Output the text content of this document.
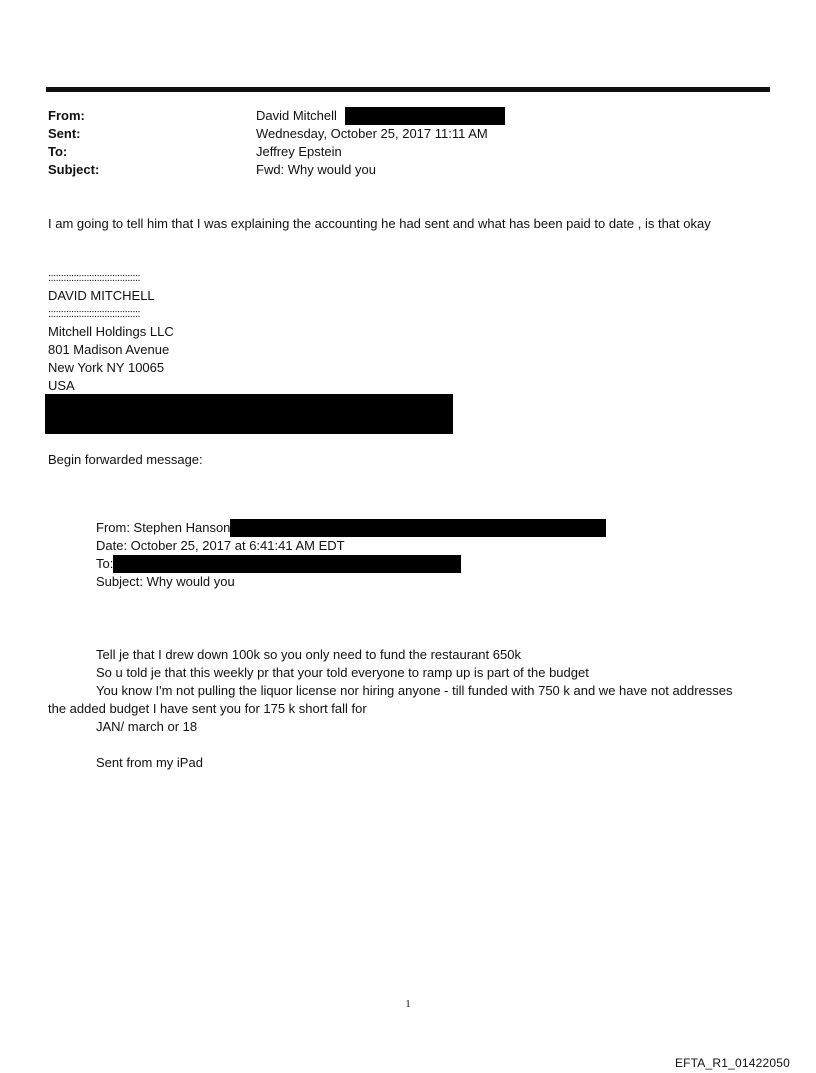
From:	David Mitchell
Sent:	Wednesday, October 25, 2017 11:11 AM
To:	Jeffrey Epstein
Subject:	Fwd: Why would you
I am going to tell him that I was explaining the accounting he had sent and what has been paid to date , is that okay
::::::::::::::::::::::::::::::::::::
DAVID MITCHELL
::::::::::::::::::::::::::::::::::::
Mitchell Holdings LLC
801 Madison Avenue
New York NY 10065
USA
Begin forwarded message:
From: Stephen Hanson
Date: October 25, 2017 at 6:41:41 AM EDT
To:
Subject: Why would you
Tell je that I drew down 100k so you only need to fund the restaurant 650k
So u told je that this weekly pr that your told everyone to ramp up is part of the budget
You know I'm not pulling the liquor license nor hiring anyone - till funded with 750 k and we have not addresses
the added budget I have sent you for 175 k short fall for
JAN/ march or 18
Sent from my iPad
1
EFTA_R1_01422050
